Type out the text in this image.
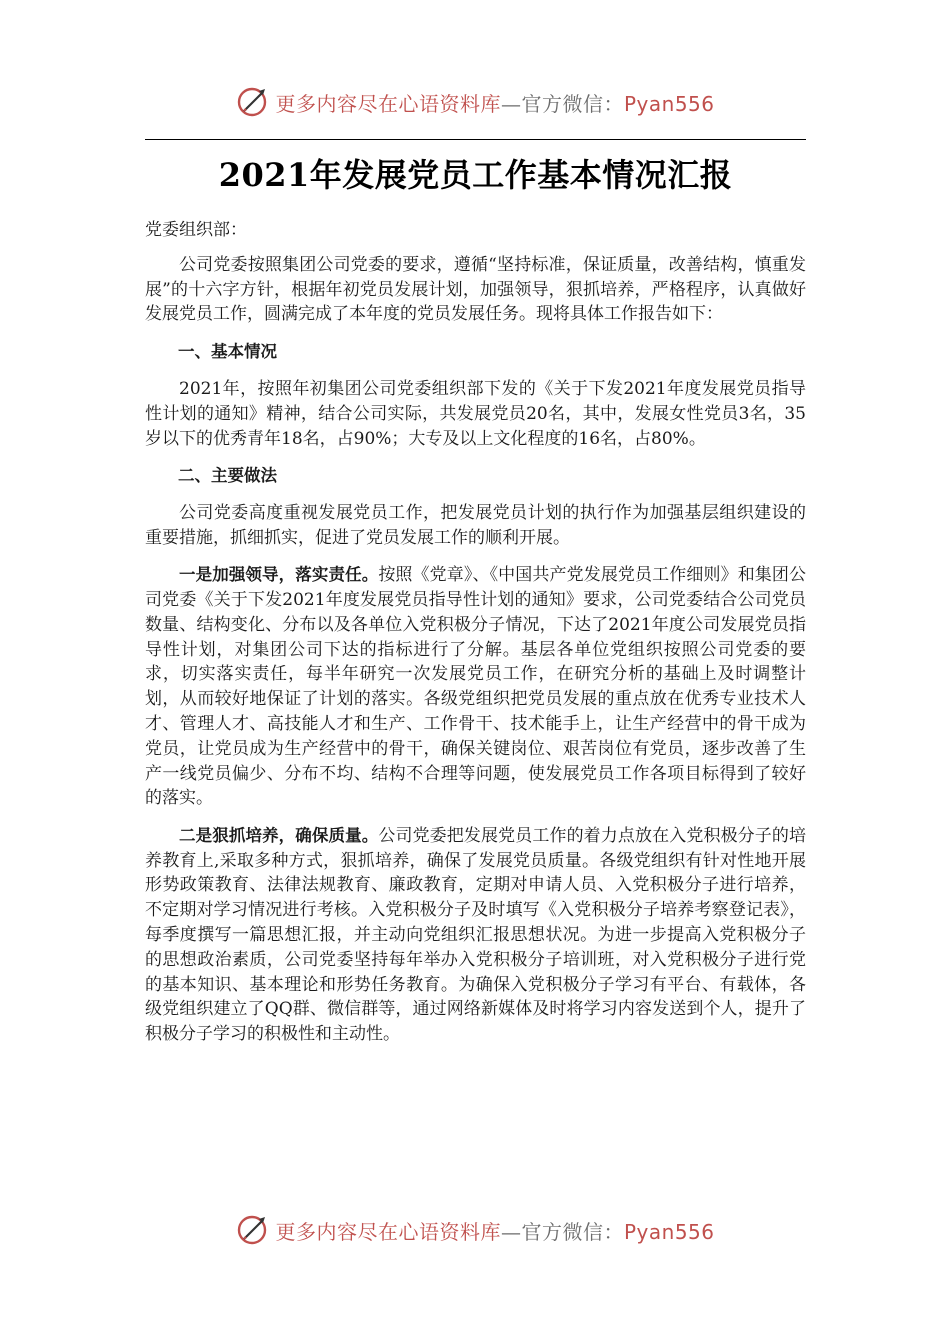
更多内容尽在心语资料库—官方微信：Pyan556
2021年发展党员工作基本情况汇报

党委组织部：

公司党委按照集团公司党委的要求，遵循“坚持标准，保证质量，改善结构，慎重发展”的十六字方针，根据年初党员发展计划，加强领导，狠抓培养，严格程序，认真做好发展党员工作，圆满完成了本年度的党员发展任务。现将具体工作报告如下：

一、基本情况

2021年，按照年初集团公司党委组织部下发的《关于下发2021年度发展党员指导性计划的通知》精神，结合公司实际，共发展党员20名，其中，发展女性党员3名，35岁以下的优秀青年18名，占90%；大专及以上文化程度的16名，占80%。

二、主要做法

公司党委高度重视发展党员工作，把发展党员计划的执行作为加强基层组织建设的重要措施，抓细抓实，促进了党员发展工作的顺利开展。

一是加强领导，落实责任。按照《党章》、《中国共产党发展党员工作细则》和集团公司党委《关于下发2021年度发展党员指导性计划的通知》要求，公司党委结合公司党员数量、结构变化、分布以及各单位入党积极分子情况，下达了2021年度公司发展党员指导性计划，对集团公司下达的指标进行了分解。基层各单位党组织按照公司党委的要求，切实落实责任，每半年研究一次发展党员工作，在研究分析的基础上及时调整计划，从而较好地保证了计划的落实。各级党组织把党员发展的重点放在优秀专业技术人才、管理人才、高技能人才和生产、工作骨干、技术能手上，让生产经营中的骨干成为党员，让党员成为生产经营中的骨干，确保关键岗位、艰苦岗位有党员，逐步改善了生产一线党员偏少、分布不均、结构不合理等问题，使发展党员工作各项目标得到了较好的落实。

二是狠抓培养，确保质量。公司党委把发展党员工作的着力点放在入党积极分子的培养教育上,采取多种方式，狠抓培养，确保了发展党员质量。各级党组织有针对性地开展形势政策教育、法律法规教育、廉政教育，定期对申请人员、入党积极分子进行培养，不定期对学习情况进行考核。入党积极分子及时填写《入党积极分子培养考察登记表》，每季度撰写一篇思想汇报，并主动向党组织汇报思想状况。为进一步提高入党积极分子的思想政治素质，公司党委坚持每年举办入党积极分子培训班，对入党积极分子进行党的基本知识、基本理论和形势任务教育。为确保入党积极分子学习有平台、有载体，各级党组织建立了QQ群、微信群等，通过网络新媒体及时将学习内容发送到个人，提升了积极分子学习的积极性和主动性。

更多内容尽在心语资料库—官方微信：Pyan556
